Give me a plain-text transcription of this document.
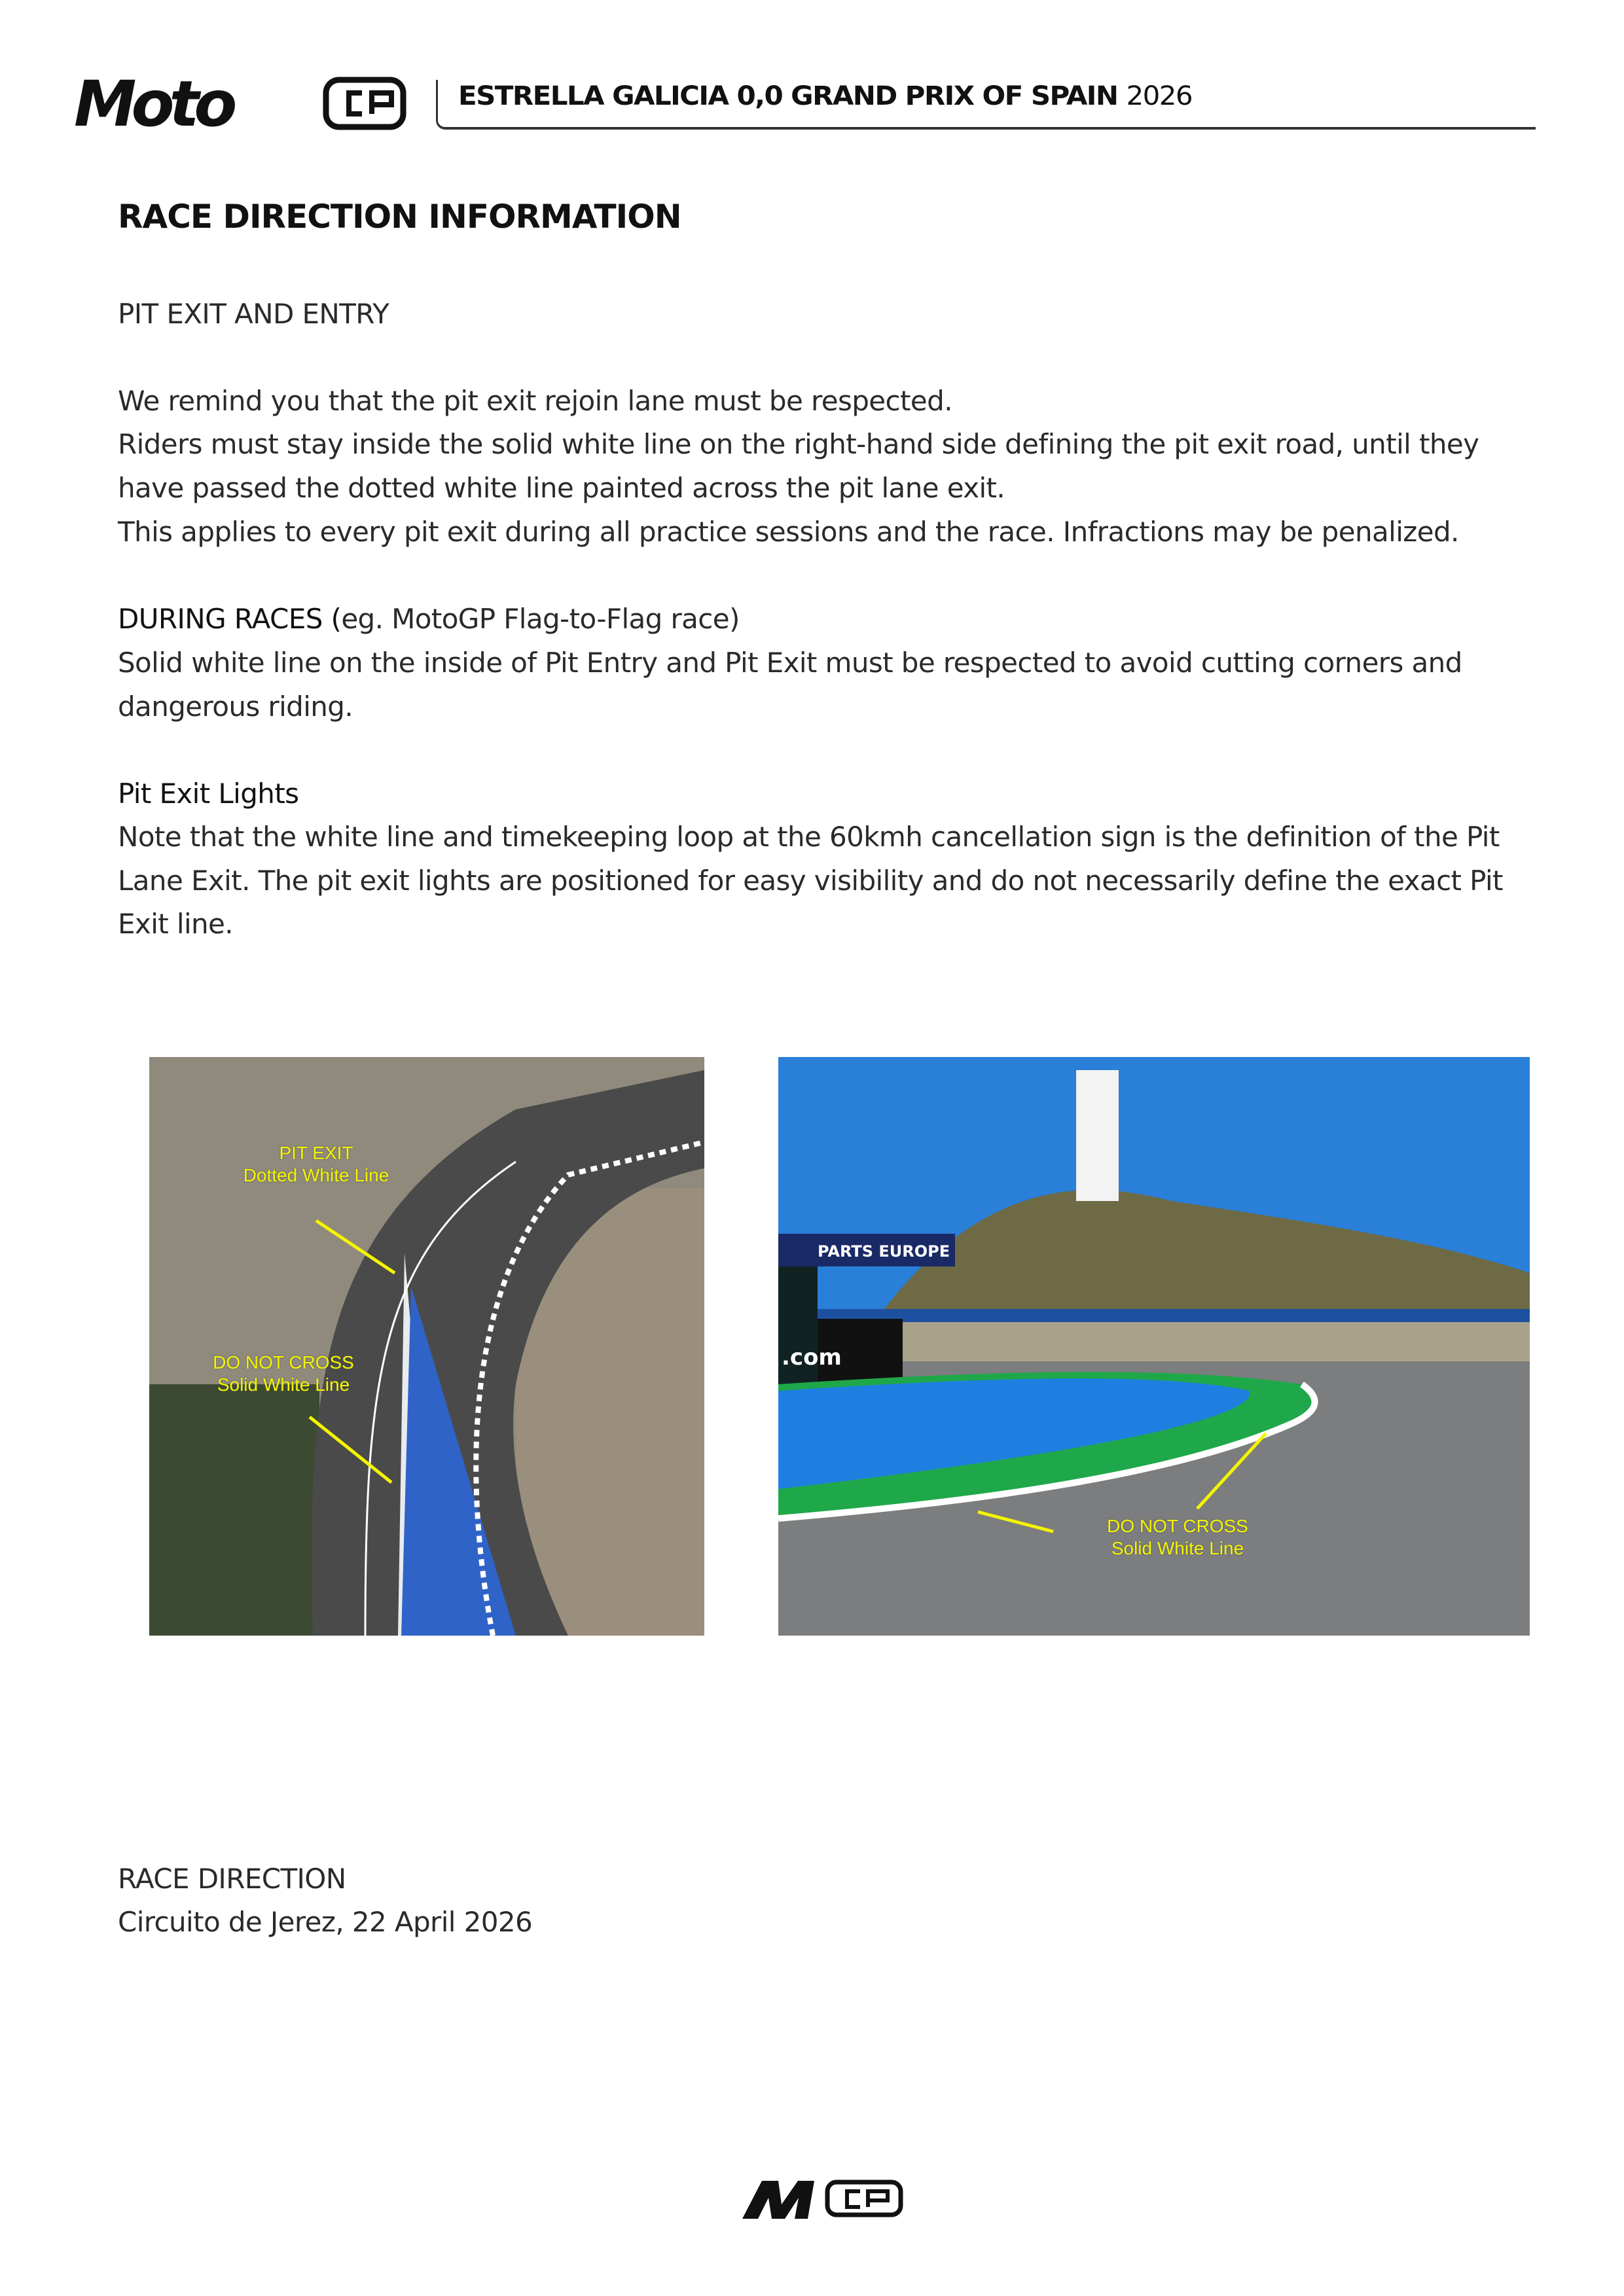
Moto	ESTRELLA GALICIA 0,0 GRAND PRIX OF SPAIN 2026
RACE DIRECTION INFORMATION
PIT EXIT AND ENTRY
We remind you that the pit exit rejoin lane must be respected.
Riders must stay inside the solid white line on the right-hand side defining the pit exit road, until they have passed the dotted white line painted across the pit lane exit.
This applies to every pit exit during all practice sessions and the race. Infractions may be penalized.
DURING RACES (eg. MotoGP Flag-to-Flag race)
Solid white line on the inside of Pit Entry and Pit Exit must be respected to avoid cutting corners and dangerous riding.
Pit Exit Lights
Note that the white line and timekeeping loop at the 60kmh cancellation sign is the definition of the Pit Lane Exit. The pit exit lights are positioned for easy visibility and do not necessarily define the exact Pit Exit line.
PIT EXIT
Dotted White Line
DO NOT CROSS
Solid White Line
PARTS EUROPE
.com
DO NOT CROSS
Solid White Line
RACE DIRECTION
Circuito de Jerez, 22 April 2026
